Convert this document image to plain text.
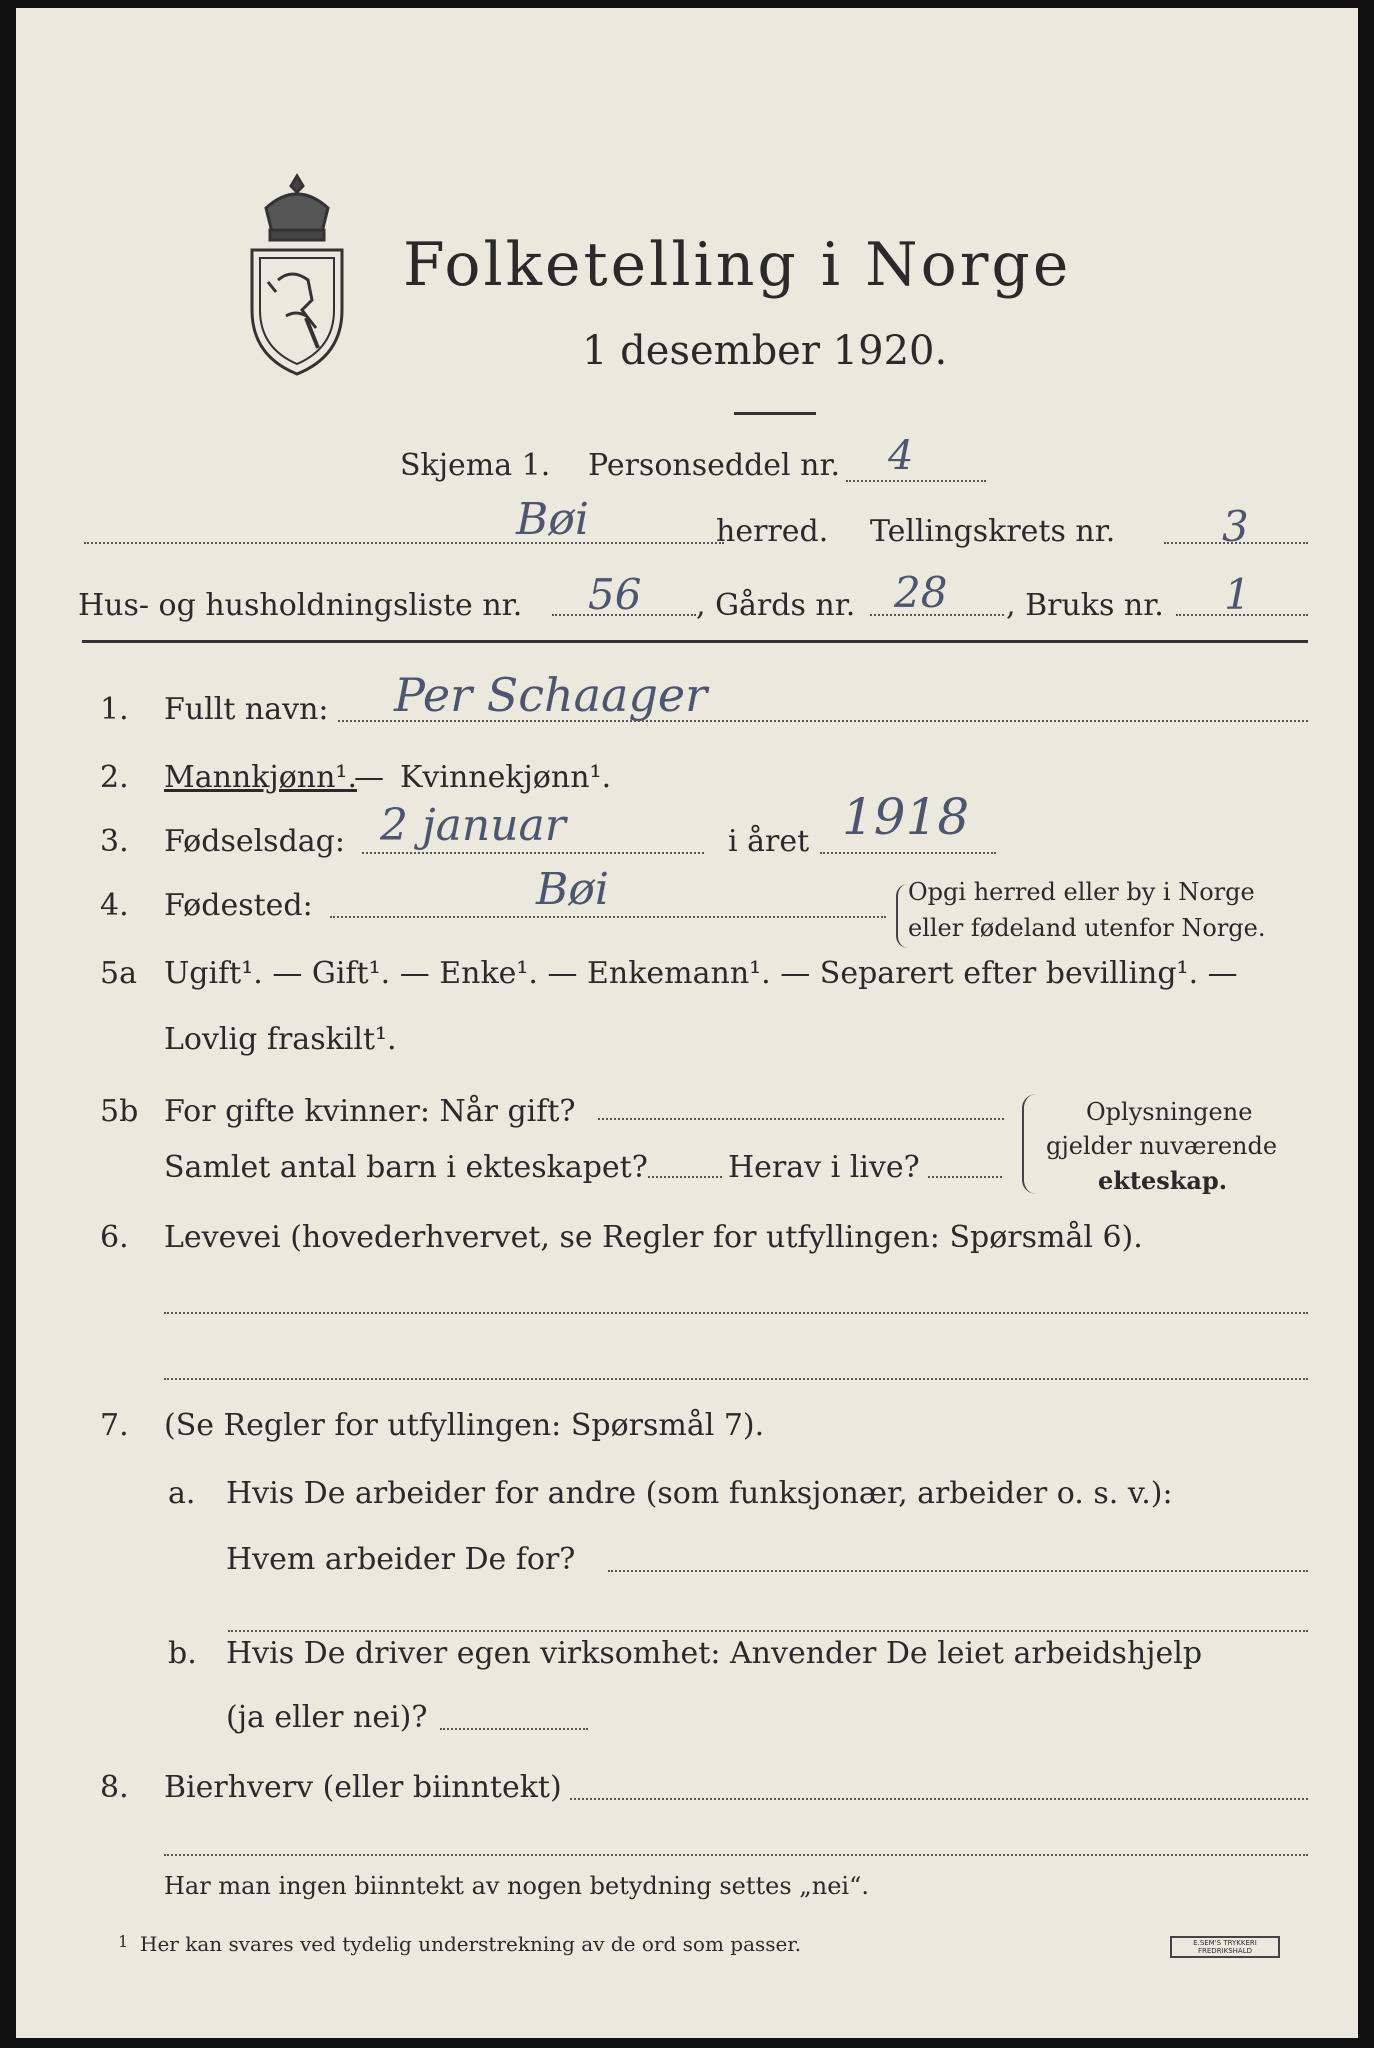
Folketelling i Norge
1 desember 1920.
Skjema 1. Personseddel nr. 4
Bøi	herred. Tellingskrets nr.	3
Hus- og husholdningsliste nr. 56 , Gårds nr. 28 , Bruks nr. 1
1. Fullt navn: Per Schaager
2. Mannkjønn¹.
— Kvinnekjønn¹.
3. Fødselsdag: 2 januar	i året 1918
4. Fødested:	Bøi	Opgi herred eller by i Norge
eller fødeland utenfor Norge.
5a Ugift¹. — Gift¹. — Enke¹. — Enkemann¹. — Separert efter bevilling¹. —
Lovlig fraskilt¹.
5b For gifte kvinner: Når gift?
Samlet antal barn i ekteskapet?	Herav i live?
Oplysningene
gjelder nuværende
ekteskap.
6. Levevei (hovederhvervet, se Regler for utfyllingen: Spørsmål 6).
7. (Se Regler for utfyllingen: Spørsmål 7).
a. Hvis De arbeider for andre (som funksjonær, arbeider o. s. v.):
Hvem arbeider De for?
b. Hvis De driver egen virksomhet: Anvender De leiet arbeidshjelp
(ja eller nei)?
8. Bierhverv (eller biinntekt)
Har man ingen biinntekt av nogen betydning settes „nei“.
1 Her kan svares ved tydelig understrekning av de ord som passer.	E.SEM'S TRYKKERI
FREDRIKSHALD
